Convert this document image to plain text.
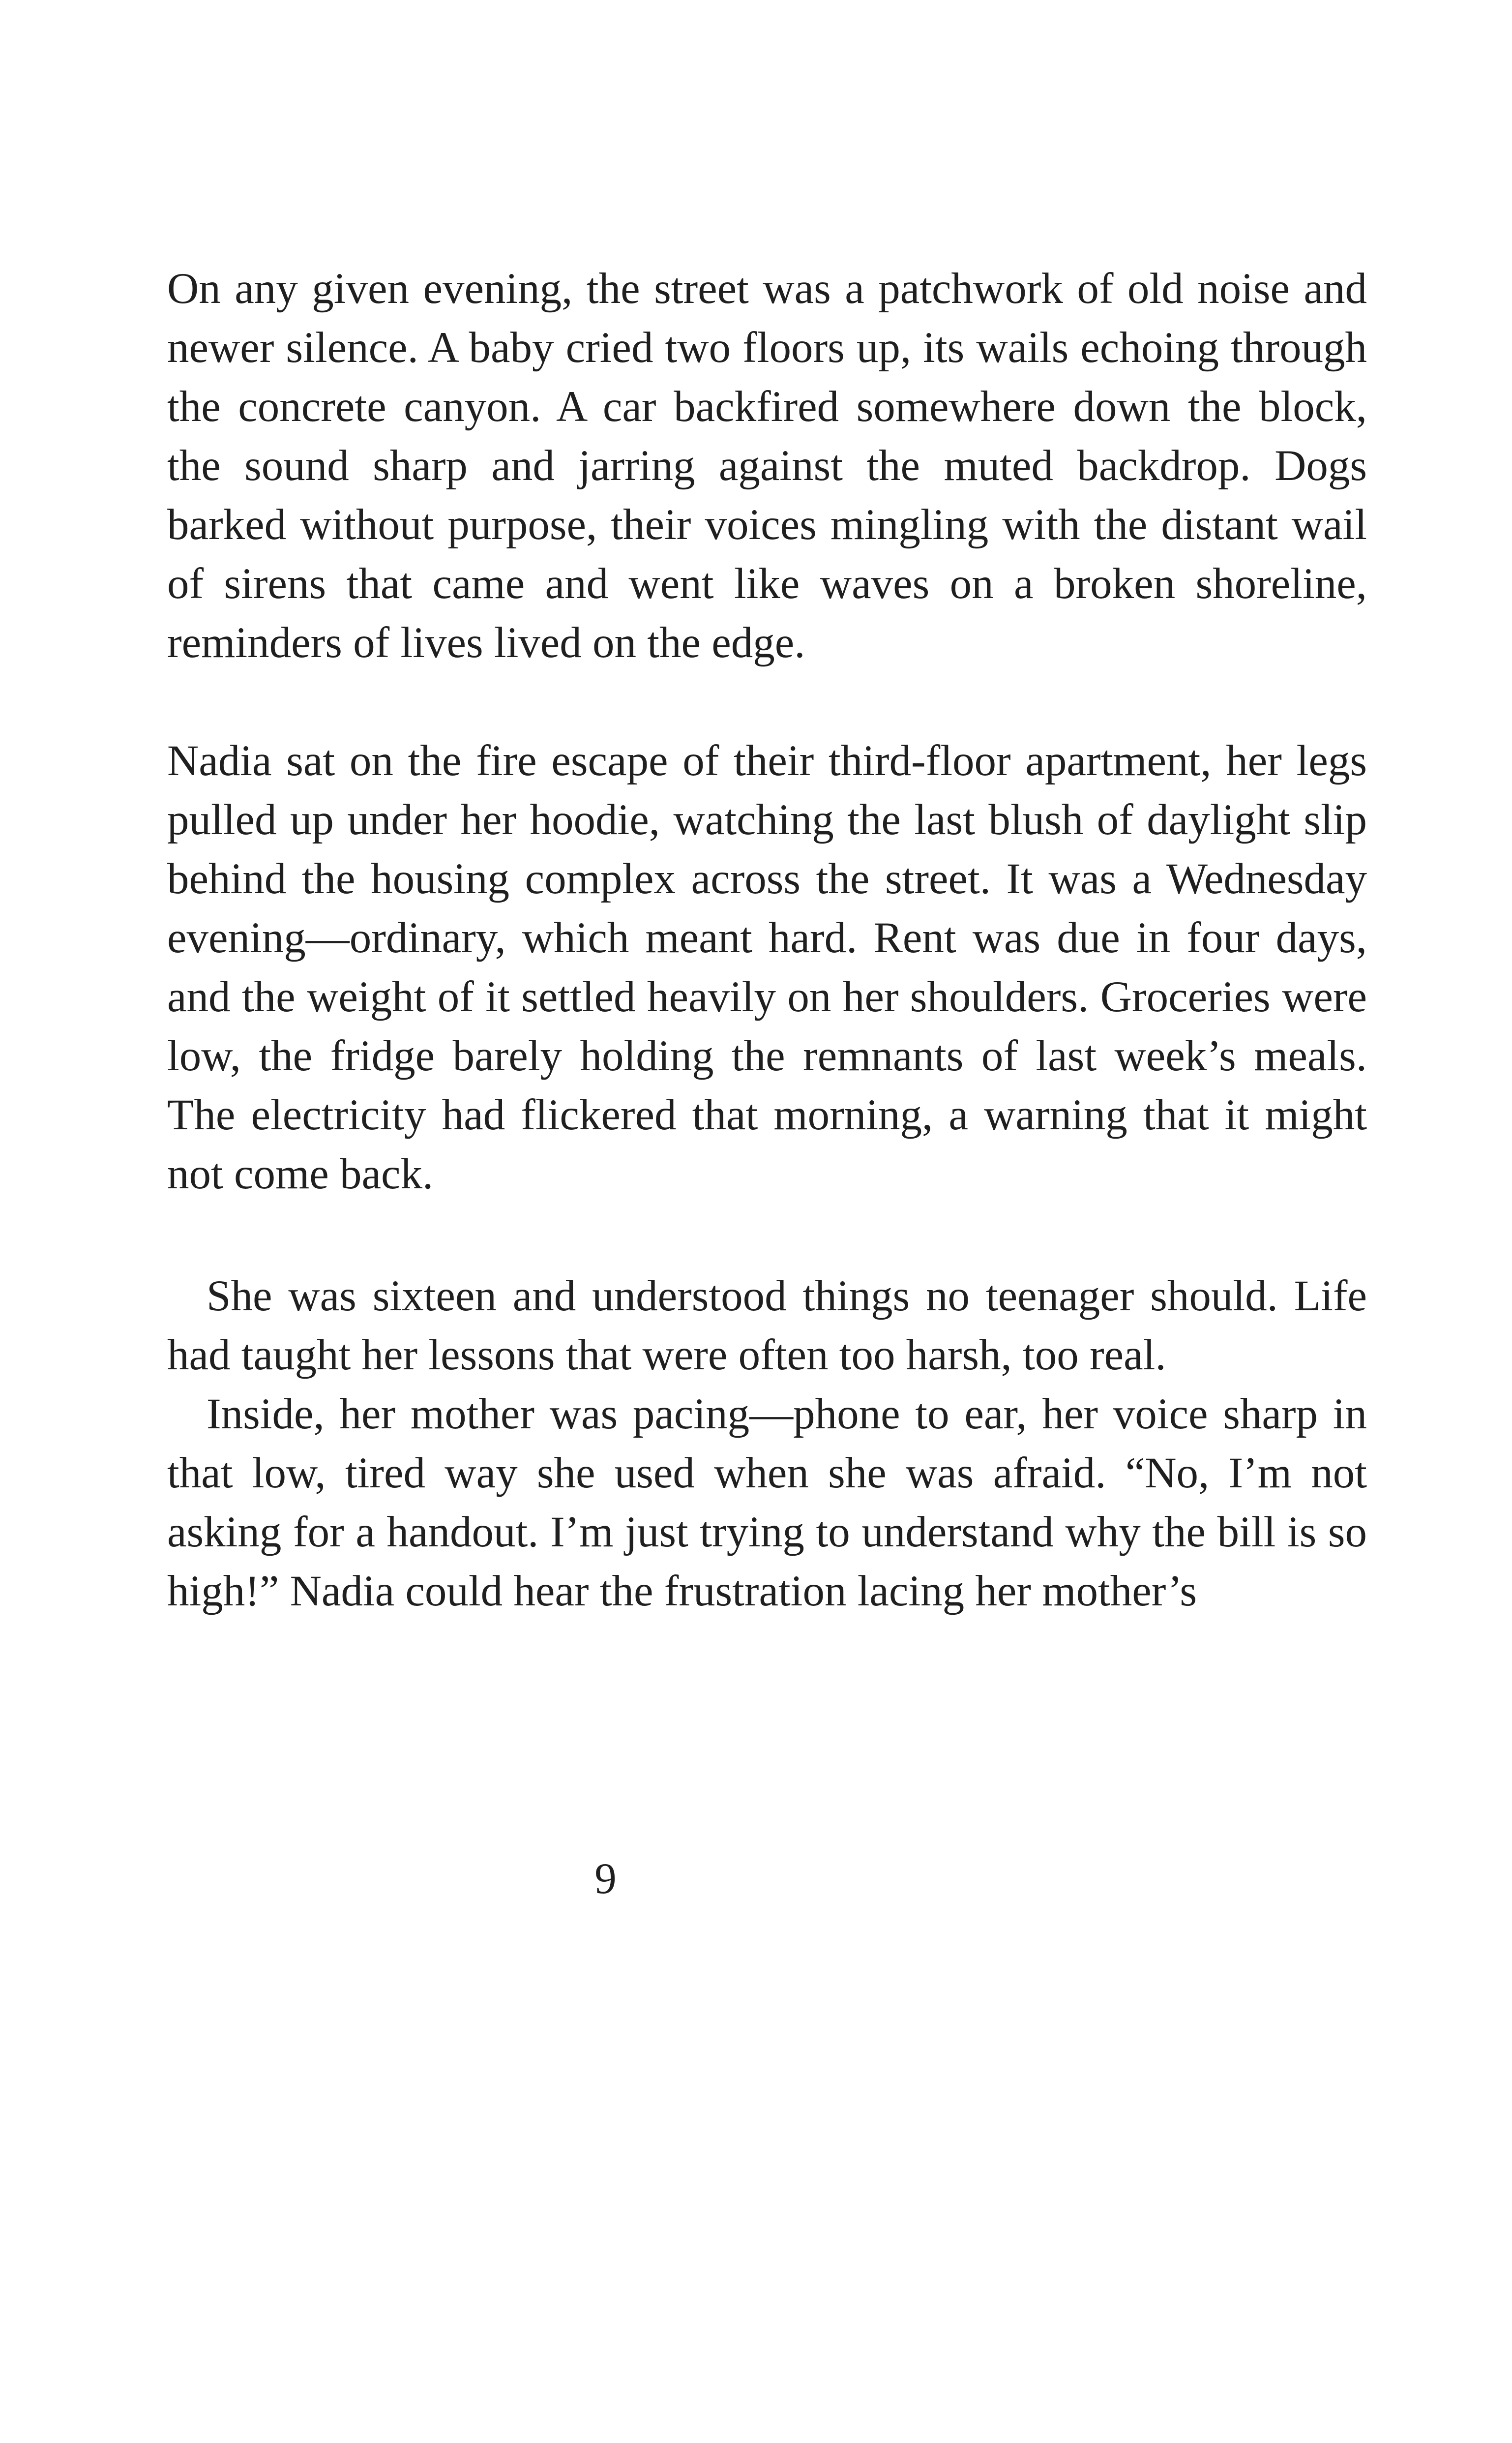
On any given evening, the street was a patchwork of old noise and newer silence. A baby cried two floors up, its wails echoing through the concrete canyon. A car backfired somewhere down the block, the sound sharp and jarring against the muted backdrop. Dogs barked without purpose, their voices mingling with the distant wail of sirens that came and went like waves on a broken shoreline, reminders of lives lived on the edge.

Nadia sat on the fire escape of their third-floor apartment, her legs pulled up under her hoodie, watching the last blush of daylight slip behind the housing complex across the street. It was a Wednesday evening—ordinary, which meant hard. Rent was due in four days, and the weight of it settled heavily on her shoulders. Groceries were low, the fridge barely holding the remnants of last week’s meals. The electricity had flickered that morning, a warning that it might not come back.

She was sixteen and understood things no teenager should. Life had taught her lessons that were often too harsh, too real.

Inside, her mother was pacing—phone to ear, her voice sharp in that low, tired way she used when she was afraid. “No, I’m not asking for a handout. I’m just trying to understand why the bill is so high!” Nadia could hear the frustration lacing her mother’s

9
